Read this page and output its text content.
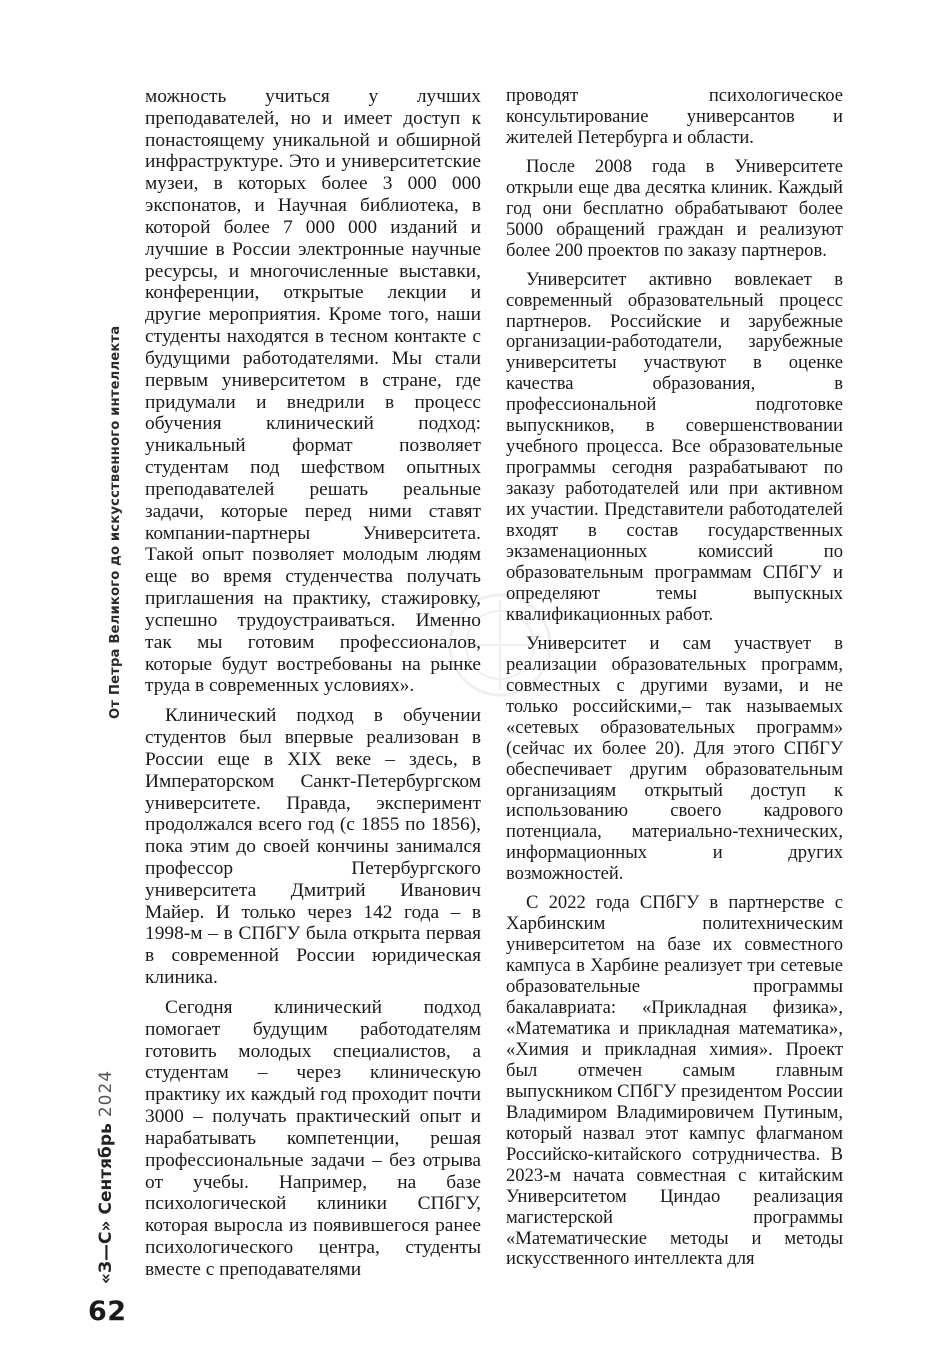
От Петра Великого до искусственного интеллекта
«З—С»Сентябрь2024
62

можность учиться у лучших преподавателей, но и имеет доступ к понастоящему уникальной и обширной инфраструктуре. Это и университетские музеи, в которых более 3 000 000 экспонатов, и Научная библиотека, в которой более 7 000 000 изданий и лучшие в России электронные научные ресурсы, и многочисленные выставки, конференции, открытые лекции и другие мероприятия. Кроме того, наши студенты находятся в тесном контакте с будущими работодателями. Мы стали первым университетом в стране, где придумали и внедрили в процесс обучения клинический подход: уникальный формат позволяет студентам под шефством опытных преподавателей решать реальные задачи, которые перед ними ставят компании-партнеры Университета. Такой опыт позволяет молодым людям еще во время студенчества получать приглашения на практику, стажировку, успешно трудоустраиваться. Именно так мы готовим профессионалов, которые будут востребованы на рынке труда в современных условиях».

Клинический подход в обучении студентов был впервые реализован в России еще в XIX веке – здесь, в Императорском Санкт-Петербургском университете. Правда, эксперимент продолжался всего год (с 1855 по 1856), пока этим до своей кончины занимался профессор Петербургского университета Дмитрий Иванович Майер. И только через 142 года – в 1998-м – в СПбГУ была открыта первая в современной России юридическая клиника.

Сегодня клинический подход помогает будущим работодателям готовить молодых специалистов, а студентам – через клиническую практику их каждый год проходит почти 3000 – получать практический опыт и нарабатывать компетенции, решая профессиональные задачи – без отрыва от учебы. Например, на базе психологической клиники СПбГУ, которая выросла из появившегося ранее психологического центра, студенты вместе с преподавателями

проводят психологическое консультирование универсантов и жителей Петербурга и области.

После 2008 года в Университете открыли еще два десятка клиник. Каждый год они бесплатно обрабатывают более 5000 обращений граждан и реализуют более 200 проектов по заказу партнеров.

Университет активно вовлекает в современный образовательный процесс партнеров. Российские и зарубежные организации-работодатели, зарубежные университеты участвуют в оценке качества образования, в профессиональной подготовке выпускников, в совершенствовании учебного процесса. Все образовательные программы сегодня разрабатывают по заказу работодателей или при активном их участии. Представители работодателей входят в состав государственных экзаменационных комиссий по образовательным программам СПбГУ и определяют темы выпускных квалификационных работ.

Университет и сам участвует в реализации образовательных программ, совместных с другими вузами, и не только российскими,– так называемых «сетевых образовательных программ» (сейчас их более 20). Для этого СПбГУ обеспечивает другим образовательным организациям открытый доступ к использованию своего кадрового потенциала, материально-технических, информационных и других возможностей.

С 2022 года СПбГУ в партнерстве с Харбинским политехническим университетом на базе их совместного кампуса в Харбине реализует три сетевые образовательные программы бакалавриата: «Прикладная физика», «Математика и прикладная математика», «Химия и прикладная химия». Проект был отмечен самым главным выпускником СПбГУ президентом России Владимиром Владимировичем Путиным, который назвал этот кампус флагманом Российско-китайского сотрудничества. В 2023-м начата совместная с китайским Университетом Циндао реализация магистерской программы «Математические методы и методы искусственного интеллекта для
